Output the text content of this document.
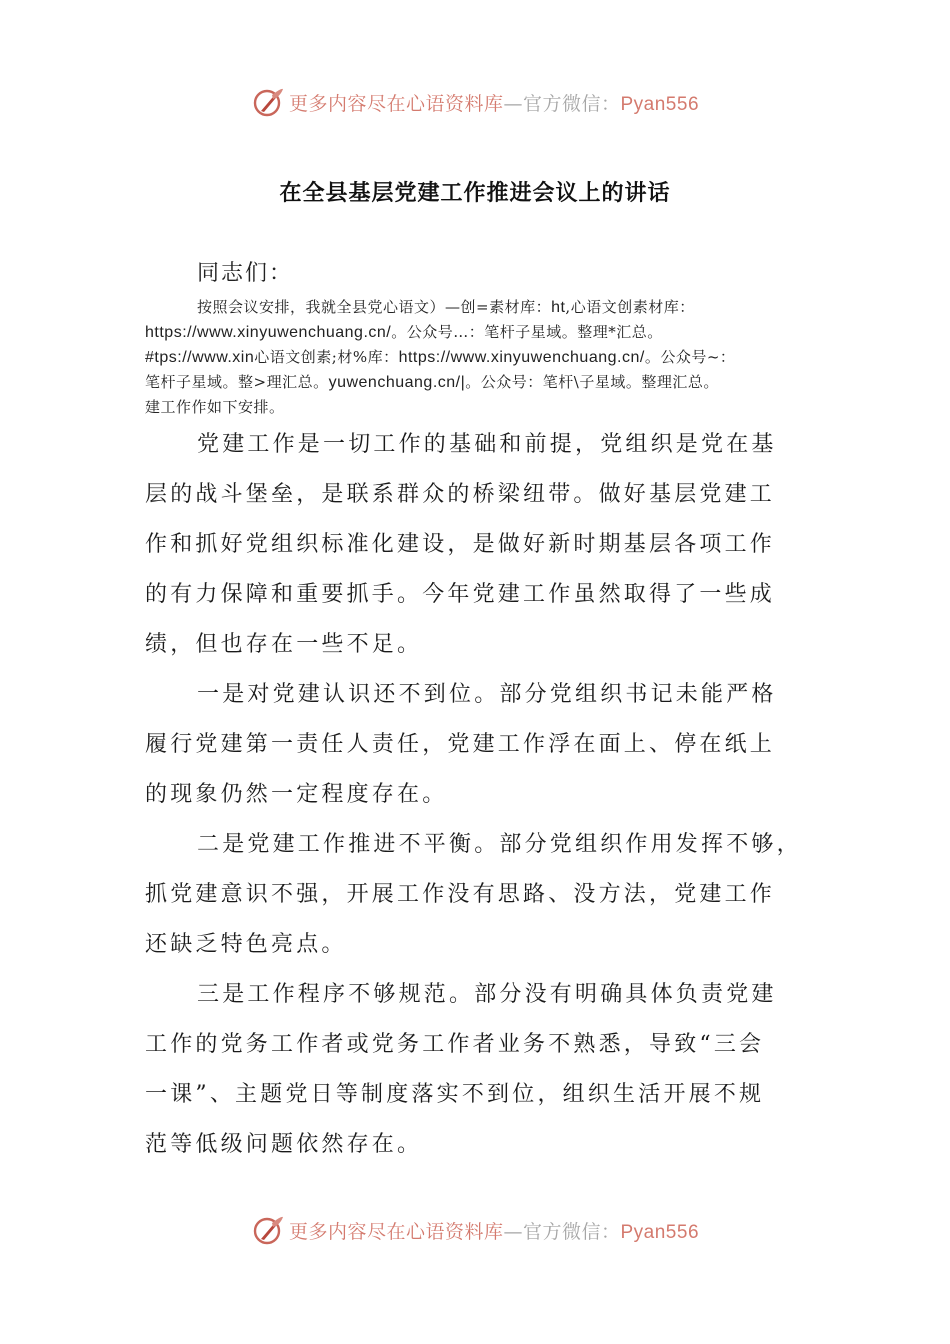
更多内容尽在心语资料库—官方微信：Pyan556
在全县基层党建工作推进会议上的讲话
同志们：
按照会议安排，我就全县党心语文）—创=素材库：ht,心语文创素材库：
https://www.xinyuwenchuang.cn/。公众号…：笔杆子星域。整理*汇总。
#tps://www.xin心语文创素;材%库：https://www.xinyuwenchuang.cn/。公众号~：
笔杆子星域。整>理汇总。yuwenchuang.cn/|。公众号：笔杆\子星域。整理汇总。
建工作作如下安排。
党建工作是一切工作的基础和前提，党组织是党在基
层的战斗堡垒，是联系群众的桥梁纽带。做好基层党建工
作和抓好党组织标准化建设，是做好新时期基层各项工作
的有力保障和重要抓手。今年党建工作虽然取得了一些成
绩，但也存在一些不足。
一是对党建认识还不到位。部分党组织书记未能严格
履行党建第一责任人责任，党建工作浮在面上、停在纸上
的现象仍然一定程度存在。
二是党建工作推进不平衡。部分党组织作用发挥不够，
抓党建意识不强，开展工作没有思路、没方法，党建工作
还缺乏特色亮点。
三是工作程序不够规范。部分没有明确具体负责党建
工作的党务工作者或党务工作者业务不熟悉，导致“三会
一课”、主题党日等制度落实不到位，组织生活开展不规
范等低级问题依然存在。
更多内容尽在心语资料库—官方微信：Pyan556
